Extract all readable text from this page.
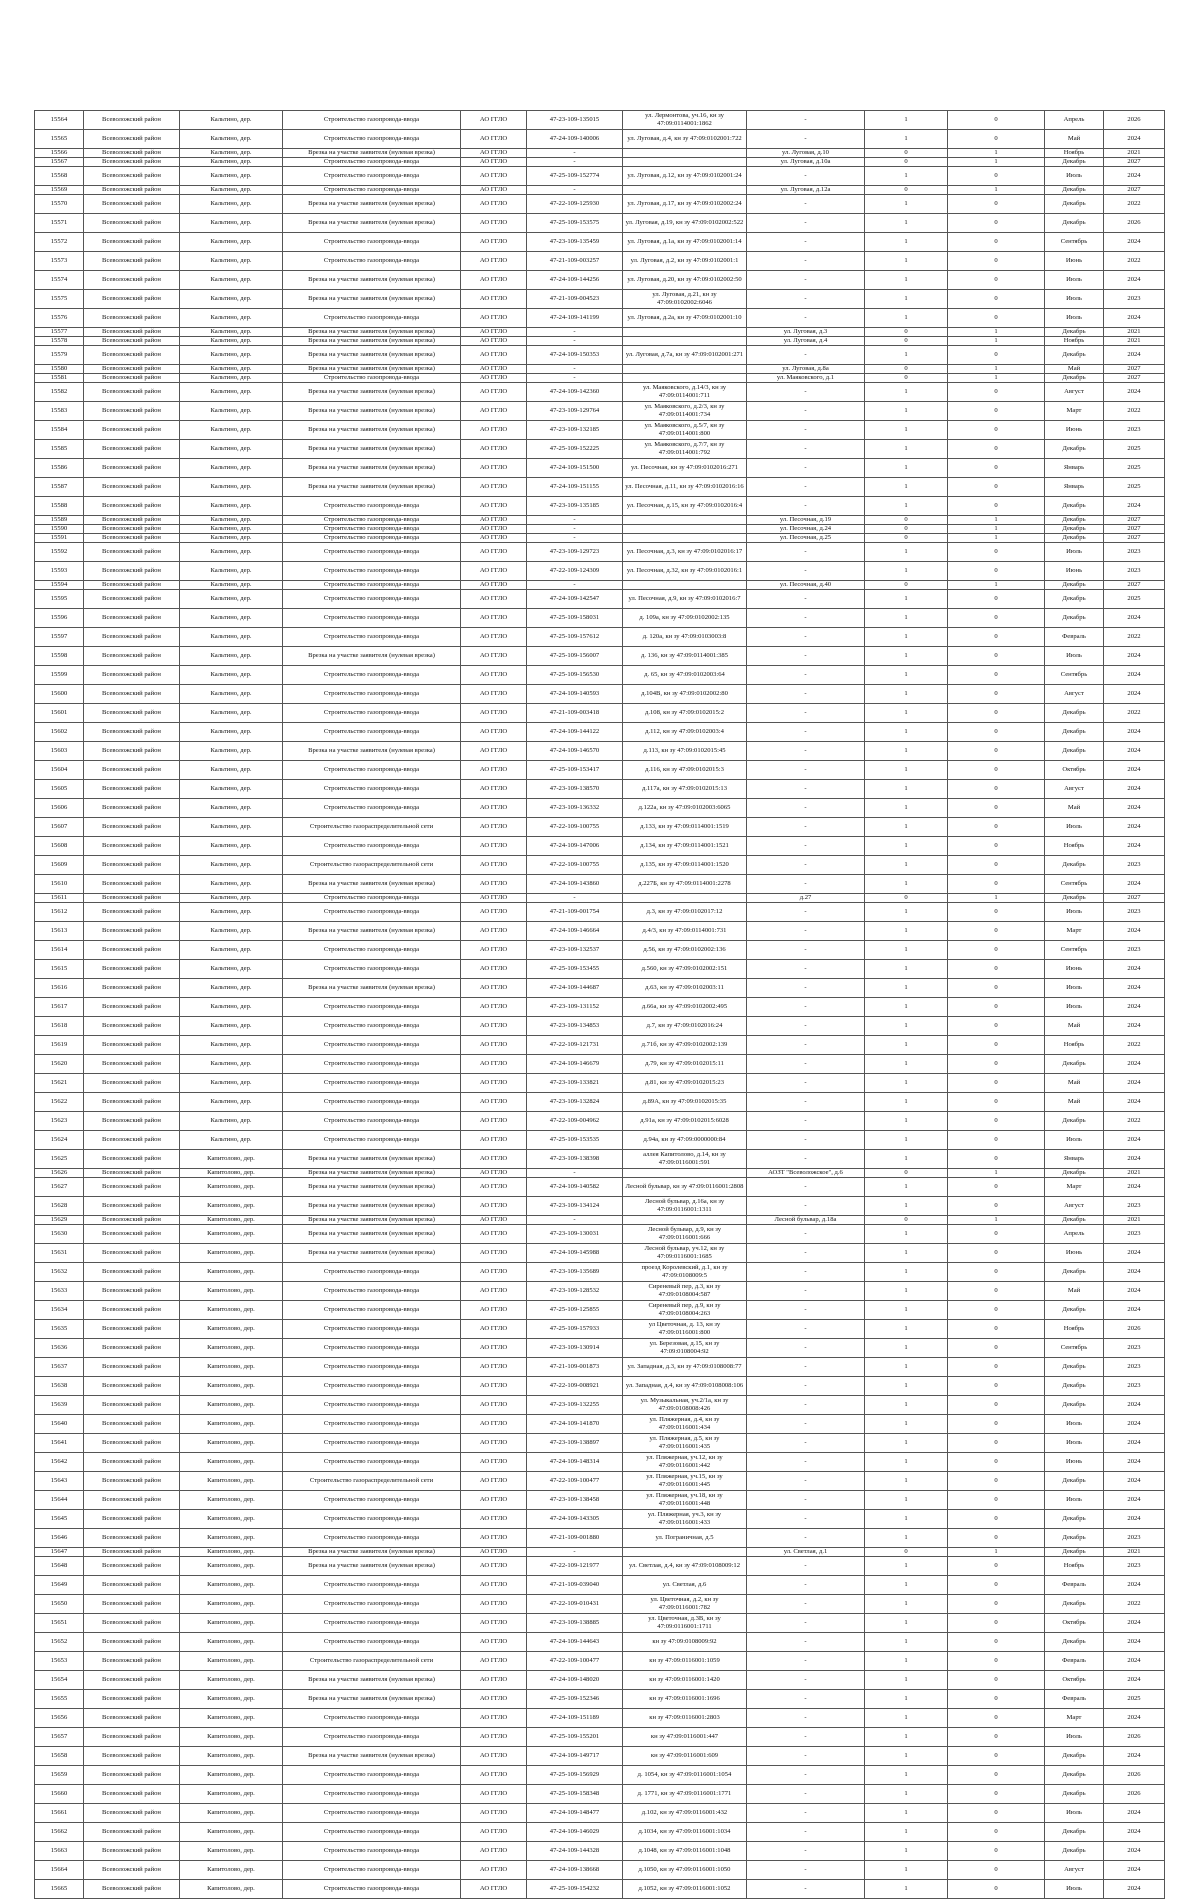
15564	Всеволожский район	Кальтино, дер.	Строительство газопровода-ввода	АО ГГЛО	47-23-109-135015	ул. Лермонтова, уч.16, кн зу 47:09:0114001:1862	-	1	0	Апрель	2026
15565	Всеволожский район	Кальтино, дер.	Строительство газопровода-ввода	АО ГГЛО	47-24-109-140006	ул. Луговая, д.4, кн зу 47:09:0102001:722	-	1	0	Май	2024
15566	Всеволожский район	Кальтино, дер.	Врезка на участке заявителя (нулевая врезка)	АО ГГЛО	-		ул. Луговая, д.10	0	1	Ноябрь	2021
15567	Всеволожский район	Кальтино, дер.	Строительство газопровода-ввода	АО ГГЛО	-		ул. Луговая, д.10а	0	1	Декабрь	2027
15568	Всеволожский район	Кальтино, дер.	Строительство газопровода-ввода	АО ГГЛО	47-25-109-152774	ул. Луговая, д.12, кн зу 47:09:0102001:24	-	1	0	Июль	2024
15569	Всеволожский район	Кальтино, дер.	Строительство газопровода-ввода	АО ГГЛО	-		ул. Луговая, д.12а	0	1	Декабрь	2027
15570	Всеволожский район	Кальтино, дер.	Врезка на участке заявителя (нулевая врезка)	АО ГГЛО	47-22-109-125930	ул. Луговая, д.17, кн зу 47:09:0102002:24	-	1	0	Декабрь	2022
15571	Всеволожский район	Кальтино, дер.	Врезка на участке заявителя (нулевая врезка)	АО ГГЛО	47-25-109-153575	ул. Луговая, д.19, кн зу 47:09:0102002:522	-	1	0	Декабрь	2026
15572	Всеволожский район	Кальтино, дер.	Строительство газопровода-ввода	АО ГГЛО	47-23-109-135459	ул. Луговая, д.1а, кн зу 47:09:0102001:14	-	1	0	Сентябрь	2024
15573	Всеволожский район	Кальтино, дер.	Строительство газопровода-ввода	АО ГГЛО	47-21-109-003257	ул. Луговая, д.2, кн зу 47:09:0102001:1	-	1	0	Июнь	2022
15574	Всеволожский район	Кальтино, дер.	Врезка на участке заявителя (нулевая врезка)	АО ГГЛО	47-24-109-144256	ул. Луговая, д.20, кн зу 47:09:0102002:50	-	1	0	Июль	2024
15575	Всеволожский район	Кальтино, дер.	Врезка на участке заявителя (нулевая врезка)	АО ГГЛО	47-21-109-004523	ул. Луговая, д.21, кн зу 47:09:0102002:6046	-	1	0	Июль	2023
15576	Всеволожский район	Кальтино, дер.	Строительство газопровода-ввода	АО ГГЛО	47-24-109-141199	ул. Луговая, д.2а, кн зу 47:09:0102001:10	-	1	0	Июль	2024
15577	Всеволожский район	Кальтино, дер.	Врезка на участке заявителя (нулевая врезка)	АО ГГЛО	-		ул. Луговая, д.3	0	1	Декабрь	2021
15578	Всеволожский район	Кальтино, дер.	Врезка на участке заявителя (нулевая врезка)	АО ГГЛО	-		ул. Луговая, д.4	0	1	Ноябрь	2021
15579	Всеволожский район	Кальтино, дер.	Врезка на участке заявителя (нулевая врезка)	АО ГГЛО	47-24-109-150353	ул. Луговая, д.7а, кн зу 47:09:0102001:271	-	1	0	Декабрь	2024
15580	Всеволожский район	Кальтино, дер.	Врезка на участке заявителя (нулевая врезка)	АО ГГЛО	-		ул. Луговая, д.8а	0	1	Май	2027
15581	Всеволожский район	Кальтино, дер.	Строительство газопровода-ввода	АО ГГЛО	-		ул. Маяковского, д.1	0	1	Декабрь	2027
15582	Всеволожский район	Кальтино, дер.	Врезка на участке заявителя (нулевая врезка)	АО ГГЛО	47-24-109-142360	ул. Маяковского, д.14/3, кн зу 47:09:0114001:711	-	1	0	Август	2024
15583	Всеволожский район	Кальтино, дер.	Врезка на участке заявителя (нулевая врезка)	АО ГГЛО	47-23-109-129764	ул. Маяковского, д.2/3, кн зу 47:09:0114001:734	-	1	0	Март	2022
15584	Всеволожский район	Кальтино, дер.	Врезка на участке заявителя (нулевая врезка)	АО ГГЛО	47-23-109-132185	ул. Маяковского, д.5/7, кн зу 47:09:0114001:800	-	1	0	Июнь	2023
15585	Всеволожский район	Кальтино, дер.	Врезка на участке заявителя (нулевая врезка)	АО ГГЛО	47-25-109-152225	ул. Маяковского, д.7/7, кн зу 47:09:0114001:792	-	1	0	Декабрь	2025
15586	Всеволожский район	Кальтино, дер.	Врезка на участке заявителя (нулевая врезка)	АО ГГЛО	47-24-109-151500	ул. Песочная, кн зу 47:09:0102016:271	-	1	0	Январь	2025
15587	Всеволожский район	Кальтино, дер.	Врезка на участке заявителя (нулевая врезка)	АО ГГЛО	47-24-109-151155	ул. Песочная, д.11, кн зу 47:09:0102016:16	-	1	0	Январь	2025
15588	Всеволожский район	Кальтино, дер.	Строительство газопровода-ввода	АО ГГЛО	47-23-109-135185	ул. Песочная, д.15, кн зу 47:09:0102016:4	-	1	0	Декабрь	2024
15589	Всеволожский район	Кальтино, дер.	Строительство газопровода-ввода	АО ГГЛО	-		ул. Песочная, д.19	0	1	Декабрь	2027
15590	Всеволожский район	Кальтино, дер.	Строительство газопровода-ввода	АО ГГЛО	-		ул. Песочная, д.24	0	1	Декабрь	2027
15591	Всеволожский район	Кальтино, дер.	Строительство газопровода-ввода	АО ГГЛО	-		ул. Песочная, д.25	0	1	Декабрь	2027
15592	Всеволожский район	Кальтино, дер.	Строительство газопровода-ввода	АО ГГЛО	47-23-109-129723	ул. Песочная, д.3, кн зу 47:09:0102016:17	-	1	0	Июль	2023
15593	Всеволожский район	Кальтино, дер.	Строительство газопровода-ввода	АО ГГЛО	47-22-109-124309	ул. Песочная, д.32, кн зу 47:09:0102016:1	-	1	0	Июнь	2023
15594	Всеволожский район	Кальтино, дер.	Строительство газопровода-ввода	АО ГГЛО	-		ул. Песочная, д.40	0	1	Декабрь	2027
15595	Всеволожский район	Кальтино, дер.	Строительство газопровода-ввода	АО ГГЛО	47-24-109-142547	ул. Песочная, д.9, кн зу 47:09:0102016:7	-	1	0	Декабрь	2025
15596	Всеволожский район	Кальтино, дер.	Строительство газопровода-ввода	АО ГГЛО	47-25-109-158031	д. 109а, кн зу 47:09:0102002:135	-	1	0	Декабрь	2024
15597	Всеволожский район	Кальтино, дер.	Строительство газопровода-ввода	АО ГГЛО	47-25-109-157612	д. 120а, кн зу 47:09:0103003:8	-	1	0	Февраль	2022
15598	Всеволожский район	Кальтино, дер.	Врезка на участке заявителя (нулевая врезка)	АО ГГЛО	47-25-109-156007	д. 136, кн зу 47:09:0114001:385	-	1	0	Июль	2024
15599	Всеволожский район	Кальтино, дер.	Строительство газопровода-ввода	АО ГГЛО	47-25-109-156530	д. 65, кн зу 47:09:0102003:64	-	1	0	Сентябрь	2024
15600	Всеволожский район	Кальтино, дер.	Строительство газопровода-ввода	АО ГГЛО	47-24-109-140593	д.104В, кн зу 47:09:0102002:80	-	1	0	Август	2024
15601	Всеволожский район	Кальтино, дер.	Строительство газопровода-ввода	АО ГГЛО	47-21-109-003418	д.108, кн зу 47:09:0102015:2	-	1	0	Декабрь	2022
15602	Всеволожский район	Кальтино, дер.	Строительство газопровода-ввода	АО ГГЛО	47-24-109-144122	д.112, кн зу 47:09:0102003:4	-	1	0	Декабрь	2024
15603	Всеволожский район	Кальтино, дер.	Врезка на участке заявителя (нулевая врезка)	АО ГГЛО	47-24-109-146570	д.113, кн зу 47:09:0102015:45	-	1	0	Декабрь	2024
15604	Всеволожский район	Кальтино, дер.	Строительство газопровода-ввода	АО ГГЛО	47-25-109-153417	д.116, кн зу 47:09:0102015:3	-	1	0	Октябрь	2024
15605	Всеволожский район	Кальтино, дер.	Строительство газопровода-ввода	АО ГГЛО	47-23-109-138570	д.117а, кн зу 47:09:0102015:13	-	1	0	Август	2024
15606	Всеволожский район	Кальтино, дер.	Строительство газопровода-ввода	АО ГГЛО	47-23-109-136332	д.122а, кн зу 47:09:0102003:6065	-	1	0	Май	2024
15607	Всеволожский район	Кальтино, дер.	Строительство газораспределительной сети	АО ГГЛО	47-22-109-100755	д.133, кн зу 47:09:0114001:1519	-	1	0	Июль	2024
15608	Всеволожский район	Кальтино, дер.	Строительство газопровода-ввода	АО ГГЛО	47-24-109-147006	д.134, кн зу 47:09:0114001:1521	-	1	0	Ноябрь	2024
15609	Всеволожский район	Кальтино, дер.	Строительство газораспределительной сети	АО ГГЛО	47-22-109-100755	д.135, кн зу 47:09:0114001:1520	-	1	0	Декабрь	2023
15610	Всеволожский район	Кальтино, дер.	Врезка на участке заявителя (нулевая врезка)	АО ГГЛО	47-24-109-143860	д.227Б, кн зу 47:09:0114001:2278	-	1	0	Сентябрь	2024
15611	Всеволожский район	Кальтино, дер.	Строительство газопровода-ввода	АО ГГЛО	-		д.27	0	1	Декабрь	2027
15612	Всеволожский район	Кальтино, дер.	Строительство газопровода-ввода	АО ГГЛО	47-21-109-001754	д.3, кн зу 47:09:0102017:12	-	1	0	Июль	2023
15613	Всеволожский район	Кальтино, дер.	Врезка на участке заявителя (нулевая врезка)	АО ГГЛО	47-24-109-146664	д.4/3, кн зу 47:09:0114001:731	-	1	0	Март	2024
15614	Всеволожский район	Кальтино, дер.	Строительство газопровода-ввода	АО ГГЛО	47-23-109-132537	д.56, кн зу 47:09:0102002:136	-	1	0	Сентябрь	2023
15615	Всеволожский район	Кальтино, дер.	Строительство газопровода-ввода	АО ГГЛО	47-25-109-153455	д.560, кн зу 47:09:0102002:151	-	1	0	Июнь	2024
15616	Всеволожский район	Кальтино, дер.	Врезка на участке заявителя (нулевая врезка)	АО ГГЛО	47-24-109-144687	д.63, кн зу 47:09:0102003:11	-	1	0	Июль	2024
15617	Всеволожский район	Кальтино, дер.	Строительство газопровода-ввода	АО ГГЛО	47-23-109-131152	д.66а, кн зу 47:09:0102002:495	-	1	0	Июль	2024
15618	Всеволожский район	Кальтино, дер.	Строительство газопровода-ввода	АО ГГЛО	47-23-109-134853	д.7, кн зу 47:09:0102016:24	-	1	0	Май	2024
15619	Всеволожский район	Кальтино, дер.	Строительство газопровода-ввода	АО ГГЛО	47-22-109-121731	д.71б, кн зу 47:09:0102002:139	-	1	0	Ноябрь	2022
15620	Всеволожский район	Кальтино, дер.	Строительство газопровода-ввода	АО ГГЛО	47-24-109-146679	д.79, кн зу 47:09:0102015:11	-	1	0	Декабрь	2024
15621	Всеволожский район	Кальтино, дер.	Строительство газопровода-ввода	АО ГГЛО	47-23-109-133821	д.81, кн зу 47:09:0102015:23	-	1	0	Май	2024
15622	Всеволожский район	Кальтино, дер.	Строительство газопровода-ввода	АО ГГЛО	47-23-109-132824	д.89А, кн зу 47:09:0102015:35	-	1	0	Май	2024
15623	Всеволожский район	Кальтино, дер.	Строительство газопровода-ввода	АО ГГЛО	47-22-109-004962	д.91а, кн зу 47:09:0102015:6028	-	1	0	Декабрь	2022
15624	Всеволожский район	Кальтино, дер.	Строительство газопровода-ввода	АО ГГЛО	47-25-109-153535	д.94а, кн зу 47:09:0000000:84	-	1	0	Июль	2024
15625	Всеволожский район	Капитолово, дер.	Врезка на участке заявителя (нулевая врезка)	АО ГГЛО	47-23-109-138398	аллея Капитолово, д.14, кн зу 47:09:0116001:591	-	1	0	Январь	2024
15626	Всеволожский район	Капитолово, дер.	Врезка на участке заявителя (нулевая врезка)	АО ГГЛО	-		АОЗТ "Всеволожское", д.6	0	1	Декабрь	2021
15627	Всеволожский район	Капитолово, дер.	Врезка на участке заявителя (нулевая врезка)	АО ГГЛО	47-24-109-140582	Лесной бульвар, кн зу 47:09:0116001:2808	-	1	0	Март	2024
15628	Всеволожский район	Капитолово, дер.	Врезка на участке заявителя (нулевая врезка)	АО ГГЛО	47-23-109-134124	Лесной бульвар, д.16а, кн зу 47:09:0116001:1311	-	1	0	Август	2023
15629	Всеволожский район	Капитолово, дер.	Врезка на участке заявителя (нулевая врезка)	АО ГГЛО	-		Лесной бульвар, д.18а	0	1	Декабрь	2021
15630	Всеволожский район	Капитолово, дер.	Врезка на участке заявителя (нулевая врезка)	АО ГГЛО	47-23-109-130031	Лесной бульвар, д.9, кн зу 47:09:0116001:666	-	1	0	Апрель	2023
15631	Всеволожский район	Капитолово, дер.	Врезка на участке заявителя (нулевая врезка)	АО ГГЛО	47-24-109-145988	Лесной бульвар, уч.12, кн зу 47:09:0116001:1685	-	1	0	Июнь	2024
15632	Всеволожский район	Капитолово, дер.	Строительство газопровода-ввода	АО ГГЛО	47-23-109-135689	проезд Королевский, д.1, кн зу 47:09:0108009:5	-	1	0	Декабрь	2024
15633	Всеволожский район	Капитолово, дер.	Строительство газопровода-ввода	АО ГГЛО	47-23-109-128532	Сиреневый пер, д.3, кн зу 47:09:0108004:587	-	1	0	Май	2024
15634	Всеволожский район	Капитолово, дер.	Строительство газопровода-ввода	АО ГГЛО	47-25-109-125855	Сиреневый пер, д.9, кн зу 47:09:0108004:263	-	1	0	Декабрь	2024
15635	Всеволожский район	Капитолово, дер.	Строительство газопровода-ввода	АО ГГЛО	47-25-109-157933	ул Цветочная, д. 13, кн зу 47:09:0116001:800	-	1	0	Ноябрь	2026
15636	Всеволожский район	Капитолово, дер.	Строительство газопровода-ввода	АО ГГЛО	47-23-109-130914	ул. Березовая, д.15, кн зу 47:09:0108004:92	-	1	0	Сентябрь	2023
15637	Всеволожский район	Капитолово, дер.	Строительство газопровода-ввода	АО ГГЛО	47-21-109-001873	ул. Западная, д.3, кн зу 47:09:0108008:77	-	1	0	Декабрь	2023
15638	Всеволожский район	Капитолово, дер.	Строительство газопровода-ввода	АО ГГЛО	47-22-109-008921	ул. Западная, д.4, кн зу 47:09:0108008:106	-	1	0	Декабрь	2023
15639	Всеволожский район	Капитолово, дер.	Строительство газопровода-ввода	АО ГГЛО	47-23-109-132255	ул. Музыкальная, уч.2/1а, кн зу 47:09:0108008:426	-	1	0	Декабрь	2024
15640	Всеволожский район	Капитолово, дер.	Строительство газопровода-ввода	АО ГГЛО	47-24-109-141870	ул. Пляжерная, д.4, кн зу 47:09:0116001:434	-	1	0	Июль	2024
15641	Всеволожский район	Капитолово, дер.	Строительство газопровода-ввода	АО ГГЛО	47-23-109-138897	ул. Пляжерная, д.5, кн зу 47:09:0116001:435	-	1	0	Июль	2024
15642	Всеволожский район	Капитолово, дер.	Строительство газопровода-ввода	АО ГГЛО	47-24-109-148314	ул. Пляжерная, уч.12, кн зу 47:09:0116001:442	-	1	0	Июнь	2024
15643	Всеволожский район	Капитолово, дер.	Строительство газораспределительной сети	АО ГГЛО	47-22-109-100477	ул. Пляжерная, уч.15, кн зу 47:09:0116001:445	-	1	0	Декабрь	2024
15644	Всеволожский район	Капитолово, дер.	Строительство газопровода-ввода	АО ГГЛО	47-23-109-138458	ул. Пляжерная, уч.18, кн зу 47:09:0116001:448	-	1	0	Июль	2024
15645	Всеволожский район	Капитолово, дер.	Строительство газопровода-ввода	АО ГГЛО	47-24-109-143305	ул. Пляжерная, уч.3, кн зу 47:09:0116001:433	-	1	0	Декабрь	2024
15646	Всеволожский район	Капитолово, дер.	Строительство газопровода-ввода	АО ГГЛО	47-21-109-001880	ул. Пограничная, д.5	-	1	0	Декабрь	2023
15647	Всеволожский район	Капитолово, дер.	Врезка на участке заявителя (нулевая врезка)	АО ГГЛО	-		ул. Светлая, д.1	0	1	Декабрь	2021
15648	Всеволожский район	Капитолово, дер.	Врезка на участке заявителя (нулевая врезка)	АО ГГЛО	47-22-109-121977	ул. Светлая, д.4, кн зу 47:09:0108009:12	-	1	0	Ноябрь	2023
15649	Всеволожский район	Капитолово, дер.	Строительство газопровода-ввода	АО ГГЛО	47-21-109-039040	ул. Светлая, д.6	-	1	0	Февраль	2024
15650	Всеволожский район	Капитолово, дер.	Строительство газопровода-ввода	АО ГГЛО	47-22-109-010431	ул. Цветочная, д.2, кн зу 47:09:0116001:782	-	1	0	Декабрь	2022
15651	Всеволожский район	Капитолово, дер.	Строительство газопровода-ввода	АО ГГЛО	47-23-109-138885	ул. Цветочная, д.3В, кн зу 47:09:0116001:1711	-	1	0	Октябрь	2024
15652	Всеволожский район	Капитолово, дер.	Строительство газопровода-ввода	АО ГГЛО	47-24-109-144643	кн зу 47:09:0108009:92	-	1	0	Декабрь	2024
15653	Всеволожский район	Капитолово, дер.	Строительство газораспределительной сети	АО ГГЛО	47-22-109-100477	кн зу 47:09:0116001:1059	-	1	0	Февраль	2024
15654	Всеволожский район	Капитолово, дер.	Врезка на участке заявителя (нулевая врезка)	АО ГГЛО	47-24-109-148020	кн зу 47:09:0116001:1420	-	1	0	Октябрь	2024
15655	Всеволожский район	Капитолово, дер.	Врезка на участке заявителя (нулевая врезка)	АО ГГЛО	47-25-109-152346	кн зу 47:09:0116001:1696	-	1	0	Февраль	2025
15656	Всеволожский район	Капитолово, дер.	Строительство газопровода-ввода	АО ГГЛО	47-24-109-151189	кн зу 47:09:0116001:2803	-	1	0	Март	2024
15657	Всеволожский район	Капитолово, дер.	Строительство газопровода-ввода	АО ГГЛО	47-25-109-155201	кн зу 47:09:0116001:447	-	1	0	Июль	2026
15658	Всеволожский район	Капитолово, дер.	Врезка на участке заявителя (нулевая врезка)	АО ГГЛО	47-24-109-149717	кн зу 47:09:0116001:609	-	1	0	Декабрь	2024
15659	Всеволожский район	Капитолово, дер.	Строительство газопровода-ввода	АО ГГЛО	47-25-109-156929	д. 1054, кн зу 47:09:0116001:1054	-	1	0	Декабрь	2026
15660	Всеволожский район	Капитолово, дер.	Строительство газопровода-ввода	АО ГГЛО	47-25-109-158348	д. 1771, кн зу 47:09:0116001:1771	-	1	0	Декабрь	2026
15661	Всеволожский район	Капитолово, дер.	Строительство газопровода-ввода	АО ГГЛО	47-24-109-148477	д.102, кн зу 47:09:0116001:432	-	1	0	Июль	2024
15662	Всеволожский район	Капитолово, дер.	Строительство газопровода-ввода	АО ГГЛО	47-24-109-146029	д.1034, кн зу 47:09:0116001:1034	-	1	0	Декабрь	2024
15663	Всеволожский район	Капитолово, дер.	Строительство газопровода-ввода	АО ГГЛО	47-24-109-144328	д.1048, кн зу 47:09:0116001:1048	-	1	0	Декабрь	2024
15664	Всеволожский район	Капитолово, дер.	Строительство газопровода-ввода	АО ГГЛО	47-24-109-138668	д.1050, кн зу 47:09:0116001:1050	-	1	0	Август	2024
15665	Всеволожский район	Капитолово, дер.	Строительство газопровода-ввода	АО ГГЛО	47-25-109-154232	д.1052, кн зу 47:09:0116001:1052	-	1	0	Июль	2024
